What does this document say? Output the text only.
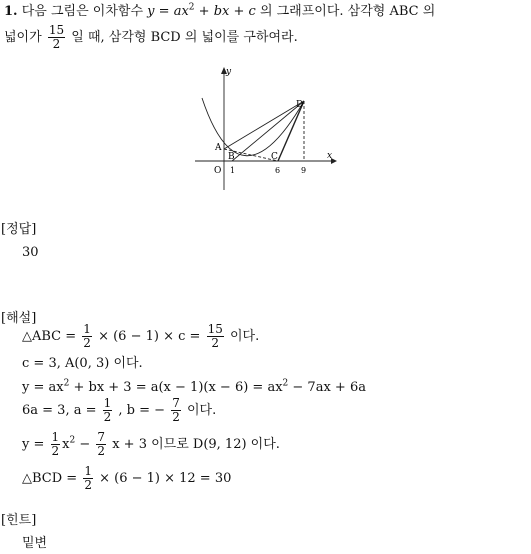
1. 다음 그림은 이차함수 $y = ax^2$ + bx + c 의 그래프이다. 삼각형 ABC 의
넓이가 $\frac{15}{2}$ 일 때, 삼각형 BCD 의 넓이를 구하여라.
y
x
O 1	6	9
A
B	C
D
[정답]
30
[해설]
△ABC = $\frac{1}{2} \times (6 - 1) \times c = \frac{15}{2}$ 이다.
c = 3, A(0, 3) 이다.
$y = ax^2$ + bx + $3 = a(x - 1)(x - 6) = ax^2 - 7ax + 6a$
6a = 3, $a = \frac{1}{2}$ , b = − $\frac{7}{2}$ 이다.
$y = \frac{1}{2} x^2 - \frac{7}{2}$ x + 3 이므로 D(9, 12) 이다.
△BCD = $\frac{1}{2} \times (6 - 1) \times 12 = 30$
[힌트]
밑변
